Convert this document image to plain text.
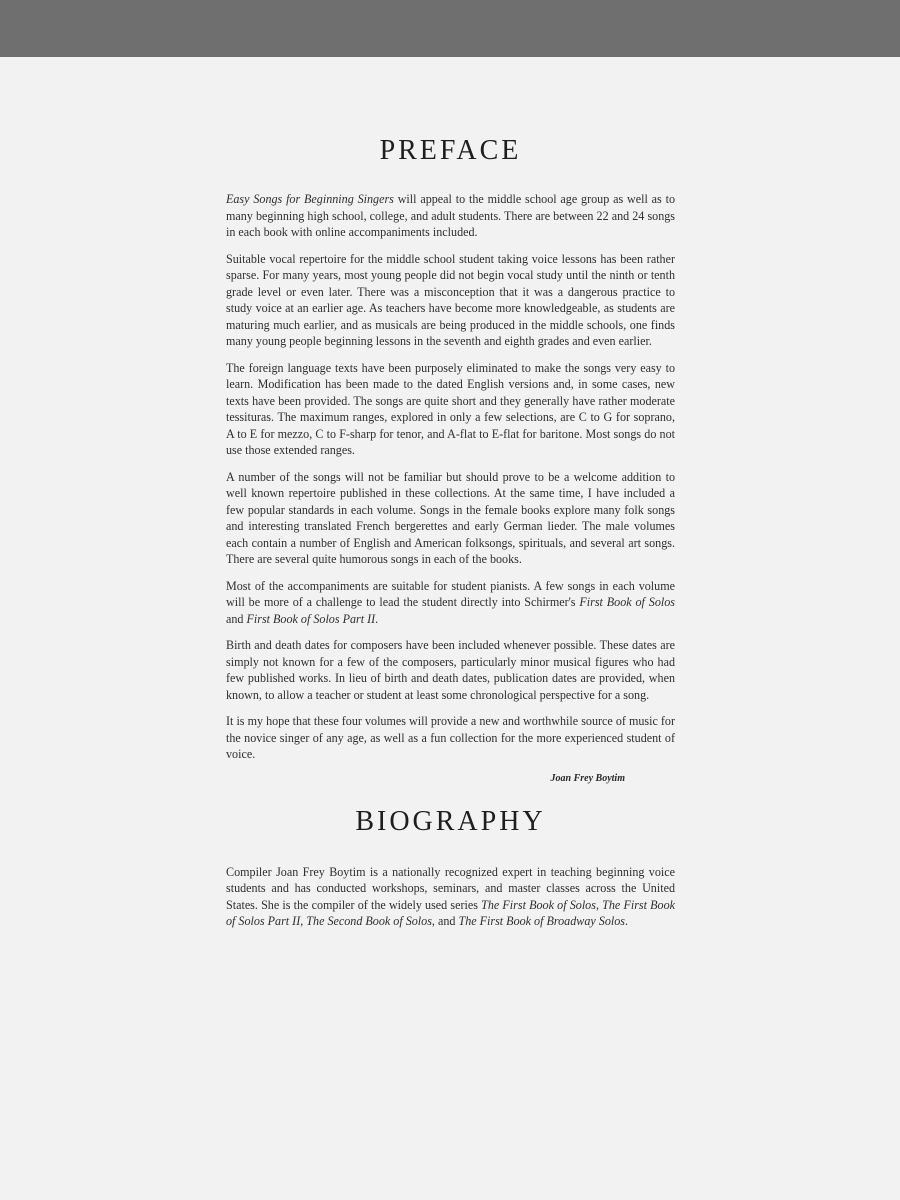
PREFACE

Easy Songs for Beginning Singers will appeal to the middle school age group as well as to many beginning high school, college, and adult students. There are between 22 and 24 songs in each book with online accompaniments included.

Suitable vocal repertoire for the middle school student taking voice lessons has been rather sparse. For many years, most young people did not begin vocal study until the ninth or tenth grade level or even later. There was a misconception that it was a dangerous practice to study voice at an earlier age. As teachers have become more knowledgeable, as students are maturing much earlier, and as musicals are being produced in the middle schools, one finds many young people beginning lessons in the seventh and eighth grades and even earlier.

The foreign language texts have been purposely eliminated to make the songs very easy to learn. Modification has been made to the dated English versions and, in some cases, new texts have been provided. The songs are quite short and they generally have rather moderate tessituras. The maximum ranges, explored in only a few selections, are C to G for soprano, A to E for mezzo, C to F-sharp for tenor, and A-flat to E-flat for baritone. Most songs do not use those extended ranges.

A number of the songs will not be familiar but should prove to be a welcome addition to well known repertoire published in these collections. At the same time, I have included a few popular standards in each volume. Songs in the female books explore many folk songs and interesting translated French bergerettes and early German lieder. The male volumes each contain a number of English and American folksongs, spirituals, and several art songs. There are several quite humorous songs in each of the books.

Most of the accompaniments are suitable for student pianists. A few songs in each volume will be more of a challenge to lead the student directly into Schirmer's First Book of Solos and First Book of Solos Part II.

Birth and death dates for composers have been included whenever possible. These dates are simply not known for a few of the composers, particularly minor musical figures who had few published works. In lieu of birth and death dates, publication dates are provided, when known, to allow a teacher or student at least some chronological perspective for a song.

It is my hope that these four volumes will provide a new and worthwhile source of music for the novice singer of any age, as well as a fun collection for the more experienced student of voice.

Joan Frey Boytim
BIOGRAPHY

Compiler Joan Frey Boytim is a nationally recognized expert in teaching beginning voice students and has conducted workshops, seminars, and master classes across the United States. She is the compiler of the widely used series The First Book of Solos, The First Book of Solos Part II, The Second Book of Solos, and The First Book of Broadway Solos.
